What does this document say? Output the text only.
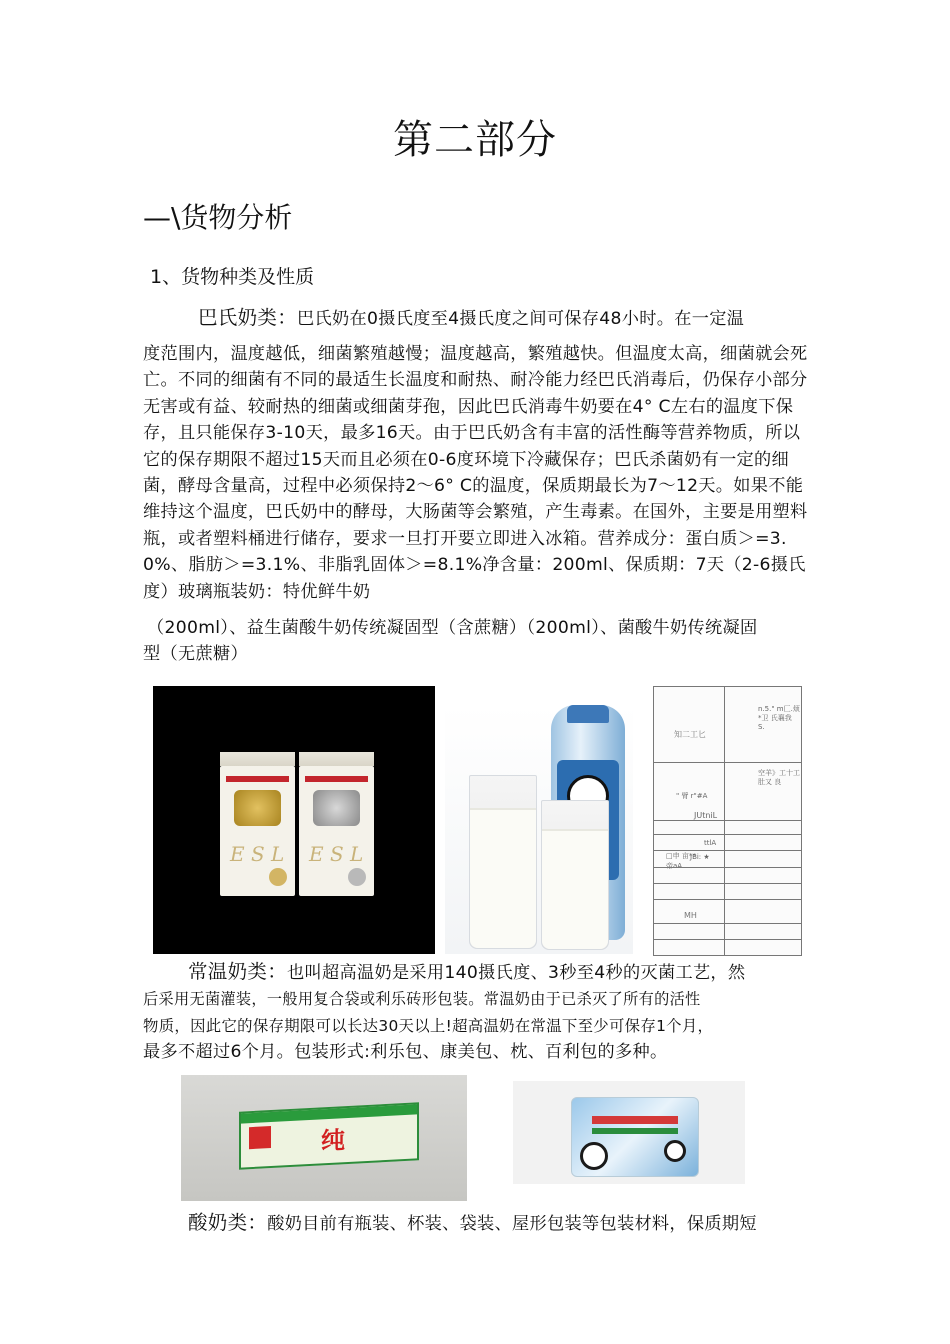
第二部分
—\货物分析
1、货物种类及性质
巴氏奶类：巴氏奶在0摄氏度至4摄氏度之间可保存48小时。在一定温
度范围内，温度越低，细菌繁殖越慢；温度越高，繁殖越快。但温度太高，细菌就会死亡。不同的细菌有不同的最适生长温度和耐热、耐冷能力经巴氏消毒后，仍保存小部分无害或有益、较耐热的细菌或细菌芽孢，因此巴氏消毒牛奶要在4° C左右的温度下保存，且只能保存3-10天，最多16天。由于巴氏奶含有丰富的活性酶等营养物质，所以它的保存期限不超过15天而且必须在0-6度环境下冷藏保存；巴氏杀菌奶有一定的细菌，酵母含量高，过程中必须保持2～6° C的温度，保质期最长为7～12天。如果不能维持这个温度，巴氏奶中的酵母，大肠菌等会繁殖，产生毒素。在国外，主要是用塑料瓶，或者塑料桶进行储存，要求一旦打开要立即进入冰箱。营养成分：蛋白质＞=3.0%、脂肪＞=3.1%、非脂乳固体＞=8.1%净含量：200ml、保质期：7天（2-6摄氏度）玻璃瓶装奶：特优鲜牛奶
（200ml）、益生菌酸牛奶传统凝固型（含蔗糖）（200ml）、菌酸牛奶传统凝固
型（无蔗糖）
E S L E S L
n.5." m匚.烦*卫 氏襄我 S.
知二工匕
空羊》工十工肚又 良
" 臂 r"#A
JUtniL
ttlA
□申 亩** 帝aA
JBi: ★
MH
常温奶类：也叫超高温奶是采用140摄氏度、3秒至4秒的灭菌工艺，然
后采用无菌灌装，一般用复合袋或利乐砖形包装。常温奶由于已杀灭了所有的活性
物质，因此它的保存期限可以长达30天以上!超高温奶在常温下至少可保存1个月，
最多不超过6个月。包装形式:利乐包、康美包、枕、百利包的多种。
纯
酸奶类：酸奶目前有瓶装、杯装、袋装、屋形包装等包装材料，保质期短
